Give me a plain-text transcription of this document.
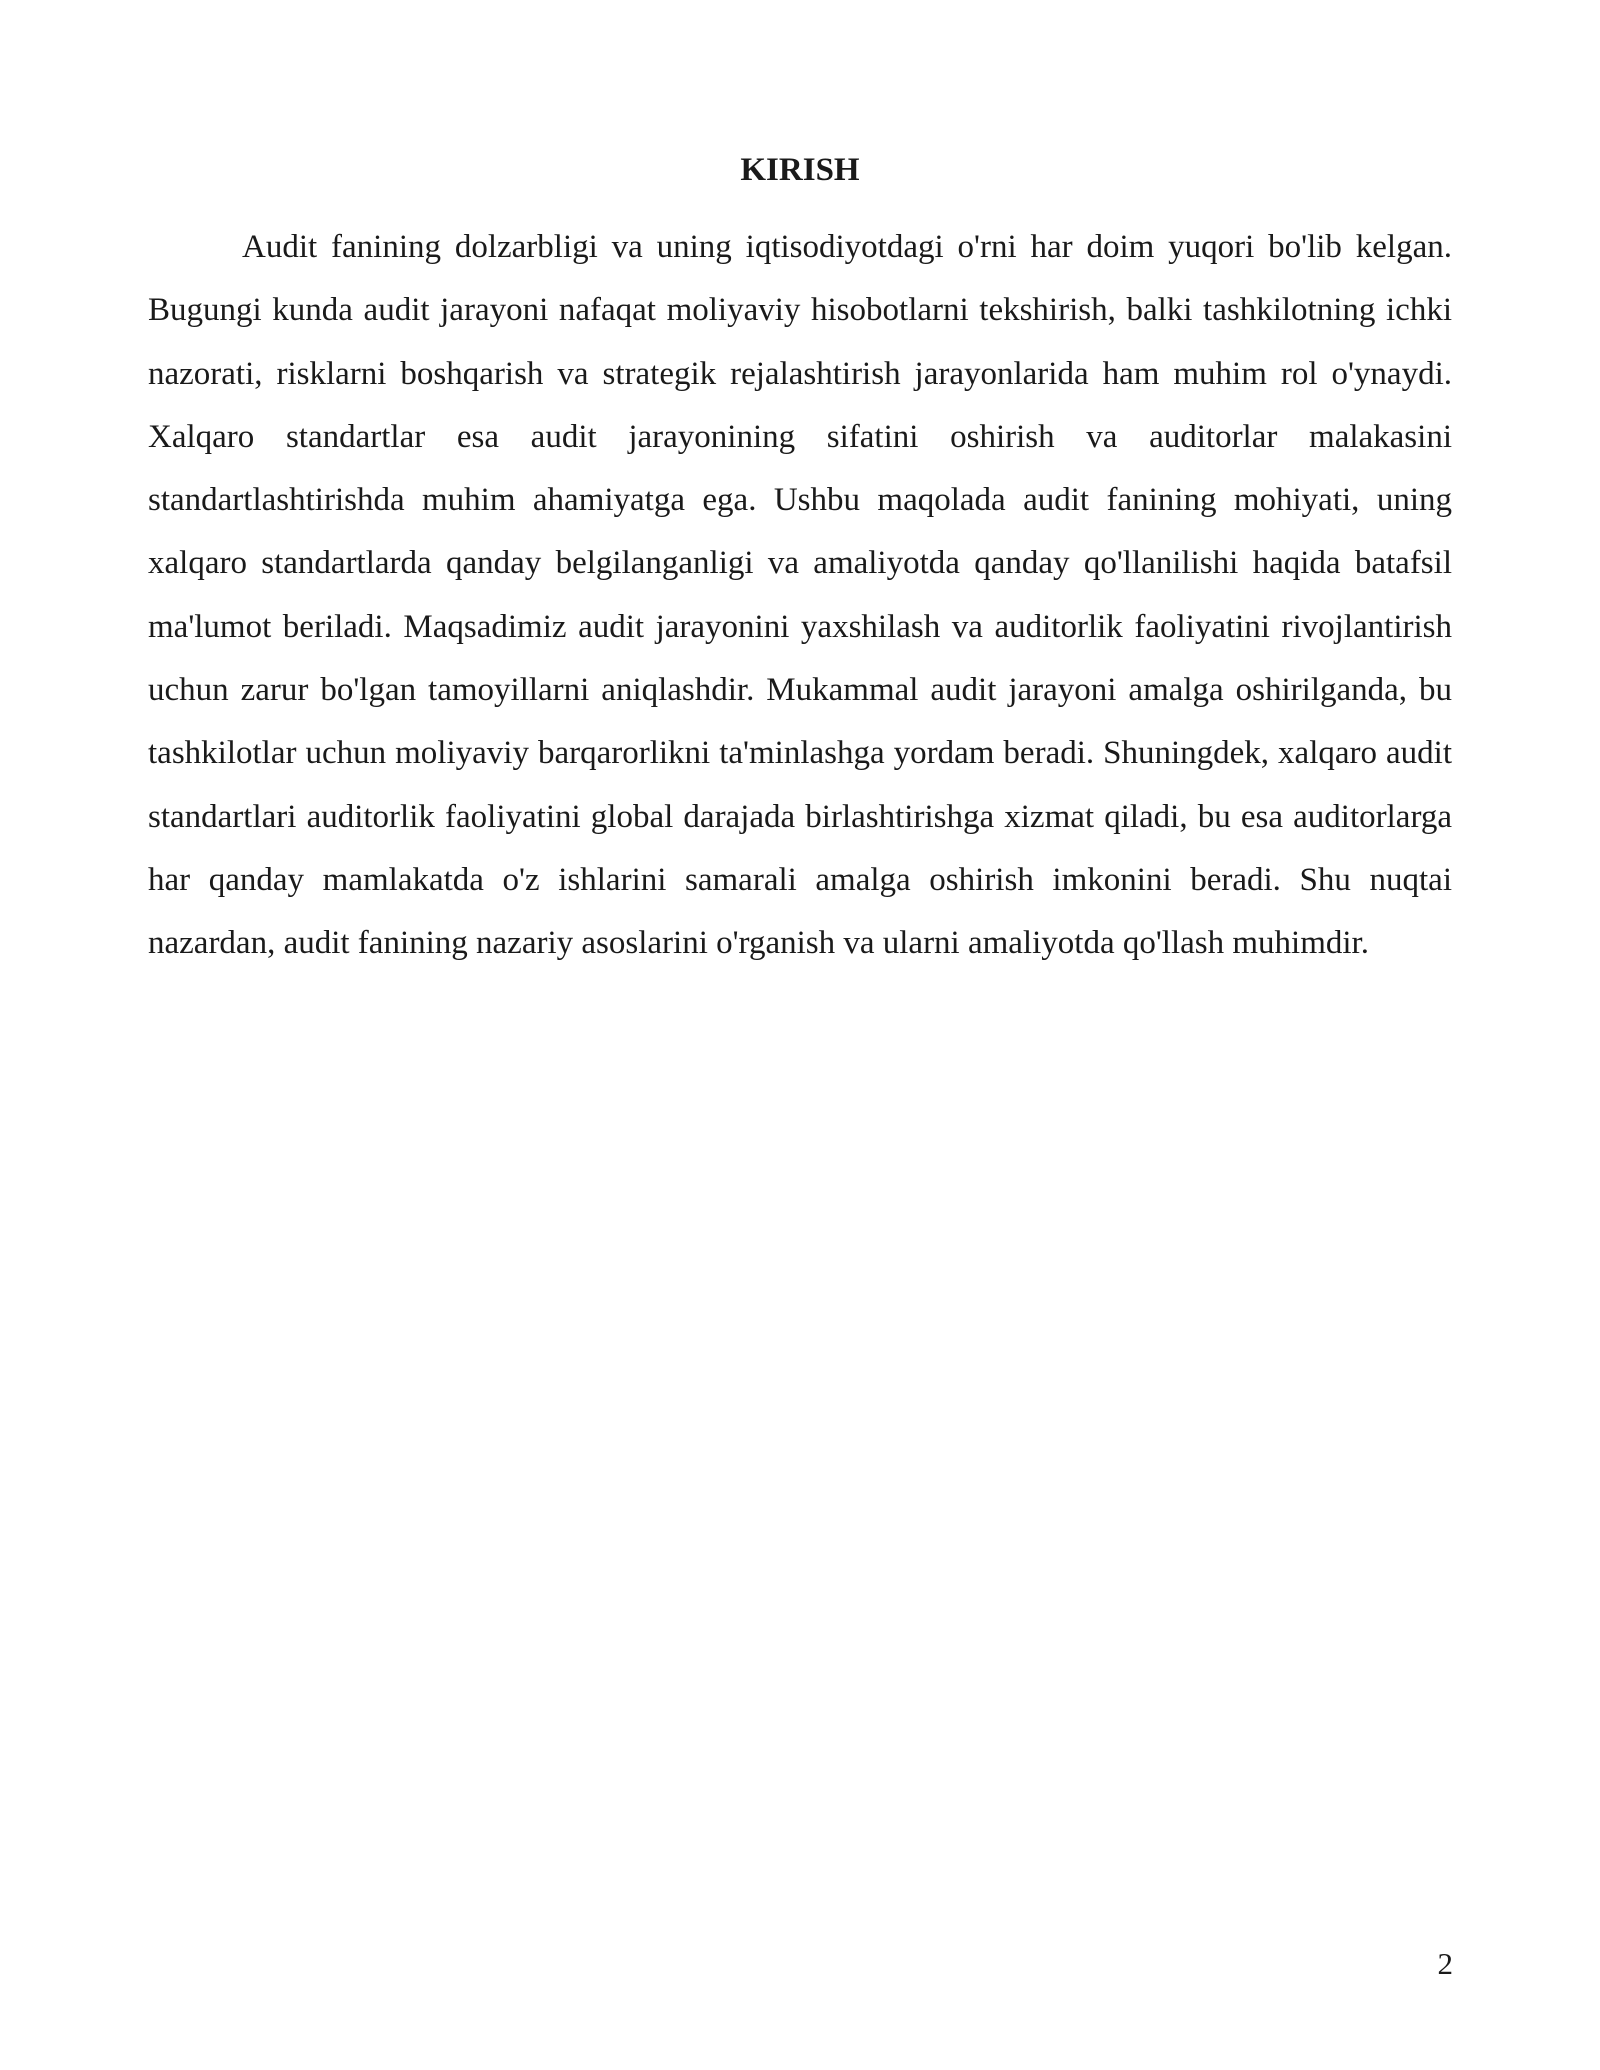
KIRISH

Audit fanining dolzarbligi va uning iqtisodiyotdagi o'rni har doim yuqori bo'lib kelgan. Bugungi kunda audit jarayoni nafaqat moliyaviy hisobotlarni tekshirish, balki tashkilotning ichki nazorati, risklarni boshqarish va strategik rejalashtirish jarayonlarida ham muhim rol o'ynaydi. Xalqaro standartlar esa audit jarayonining sifatini oshirish va auditorlar malakasini standartlashtirishda muhim ahamiyatga ega. Ushbu maqolada audit fanining mohiyati, uning xalqaro standartlarda qanday belgilanganligi va amaliyotda qanday qo'llanilishi haqida batafsil ma'lumot beriladi. Maqsadimiz audit jarayonini yaxshilash va auditorlik faoliyatini rivojlantirish uchun zarur bo'lgan tamoyillarni aniqlashdir. Mukammal audit jarayoni amalga oshirilganda, bu tashkilotlar uchun moliyaviy barqarorlikni ta'minlashga yordam beradi. Shuningdek, xalqaro audit standartlari auditorlik faoliyatini global darajada birlashtirishga xizmat qiladi, bu esa auditorlarga har qanday mamlakatda o'z ishlarini samarali amalga oshirish imkonini beradi. Shu nuqtai nazardan, audit fanining nazariy asoslarini o'rganish va ularni amaliyotda qo'llash muhimdir.

2
